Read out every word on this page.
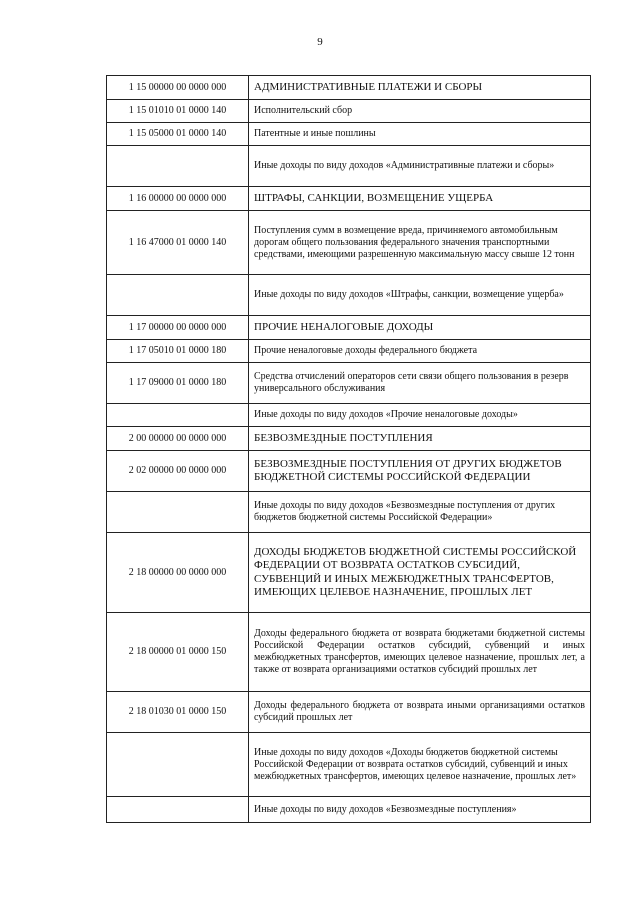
9
1 15 00000 00 0000 000	АДМИНИСТРАТИВНЫЕ ПЛАТЕЖИ И СБОРЫ
1 15 01010 01 0000 140	Исполнительский сбор
1 15 05000 01 0000 140	Патентные и иные пошлины
	Иные доходы по виду доходов «Административные платежи и сборы»
1 16 00000 00 0000 000	ШТРАФЫ, САНКЦИИ, ВОЗМЕЩЕНИЕ УЩЕРБА
1 16 47000 01 0000 140	Поступления сумм в возмещение вреда, причиняемого автомобильным дорогам общего пользования федерального значения транспортными средствами, имеющими разрешенную максимальную массу свыше 12 тонн
	Иные доходы по виду доходов «Штрафы, санкции, возмещение ущерба»
1 17 00000 00 0000 000	ПРОЧИЕ НЕНАЛОГОВЫЕ ДОХОДЫ
1 17 05010 01 0000 180	Прочие неналоговые доходы федерального бюджета
1 17 09000 01 0000 180	Средства отчислений операторов сети связи общего пользования в резерв универсального обслуживания
	Иные доходы по виду доходов «Прочие неналоговые доходы»
2 00 00000 00 0000 000	БЕЗВОЗМЕЗДНЫЕ ПОСТУПЛЕНИЯ
2 02 00000 00 0000 000	БЕЗВОЗМЕЗДНЫЕ ПОСТУПЛЕНИЯ ОТ ДРУГИХ БЮДЖЕТОВ БЮДЖЕТНОЙ СИСТЕМЫ РОССИЙСКОЙ ФЕДЕРАЦИИ
	Иные доходы по виду доходов «Безвозмездные поступления от других бюджетов бюджетной системы Российской Федерации»
2 18 00000 00 0000 000	ДОХОДЫ БЮДЖЕТОВ БЮДЖЕТНОЙ СИСТЕМЫ РОССИЙСКОЙ ФЕДЕРАЦИИ ОТ ВОЗВРАТА ОСТАТКОВ СУБСИДИЙ, СУБВЕНЦИЙ И ИНЫХ МЕЖБЮДЖЕТНЫХ ТРАНСФЕРТОВ, ИМЕЮЩИХ ЦЕЛЕВОЕ НАЗНАЧЕНИЕ, ПРОШЛЫХ ЛЕТ
2 18 00000 01 0000 150	Доходы федерального бюджета от возврата бюджетами бюджетной системы Российской Федерации остатков субсидий, субвенций и иных межбюджетных трансфертов, имеющих целевое назначение, прошлых лет, а также от возврата организациями остатков субсидий прошлых лет
2 18 01030 01 0000 150	Доходы федерального бюджета от возврата иными организациями остатков субсидий прошлых лет
	Иные доходы по виду доходов «Доходы бюджетов бюджетной системы Российской Федерации от возврата остатков субсидий, субвенций и иных межбюджетных трансфертов, имеющих целевое назначение, прошлых лет»
	Иные доходы по виду доходов «Безвозмездные поступления»
